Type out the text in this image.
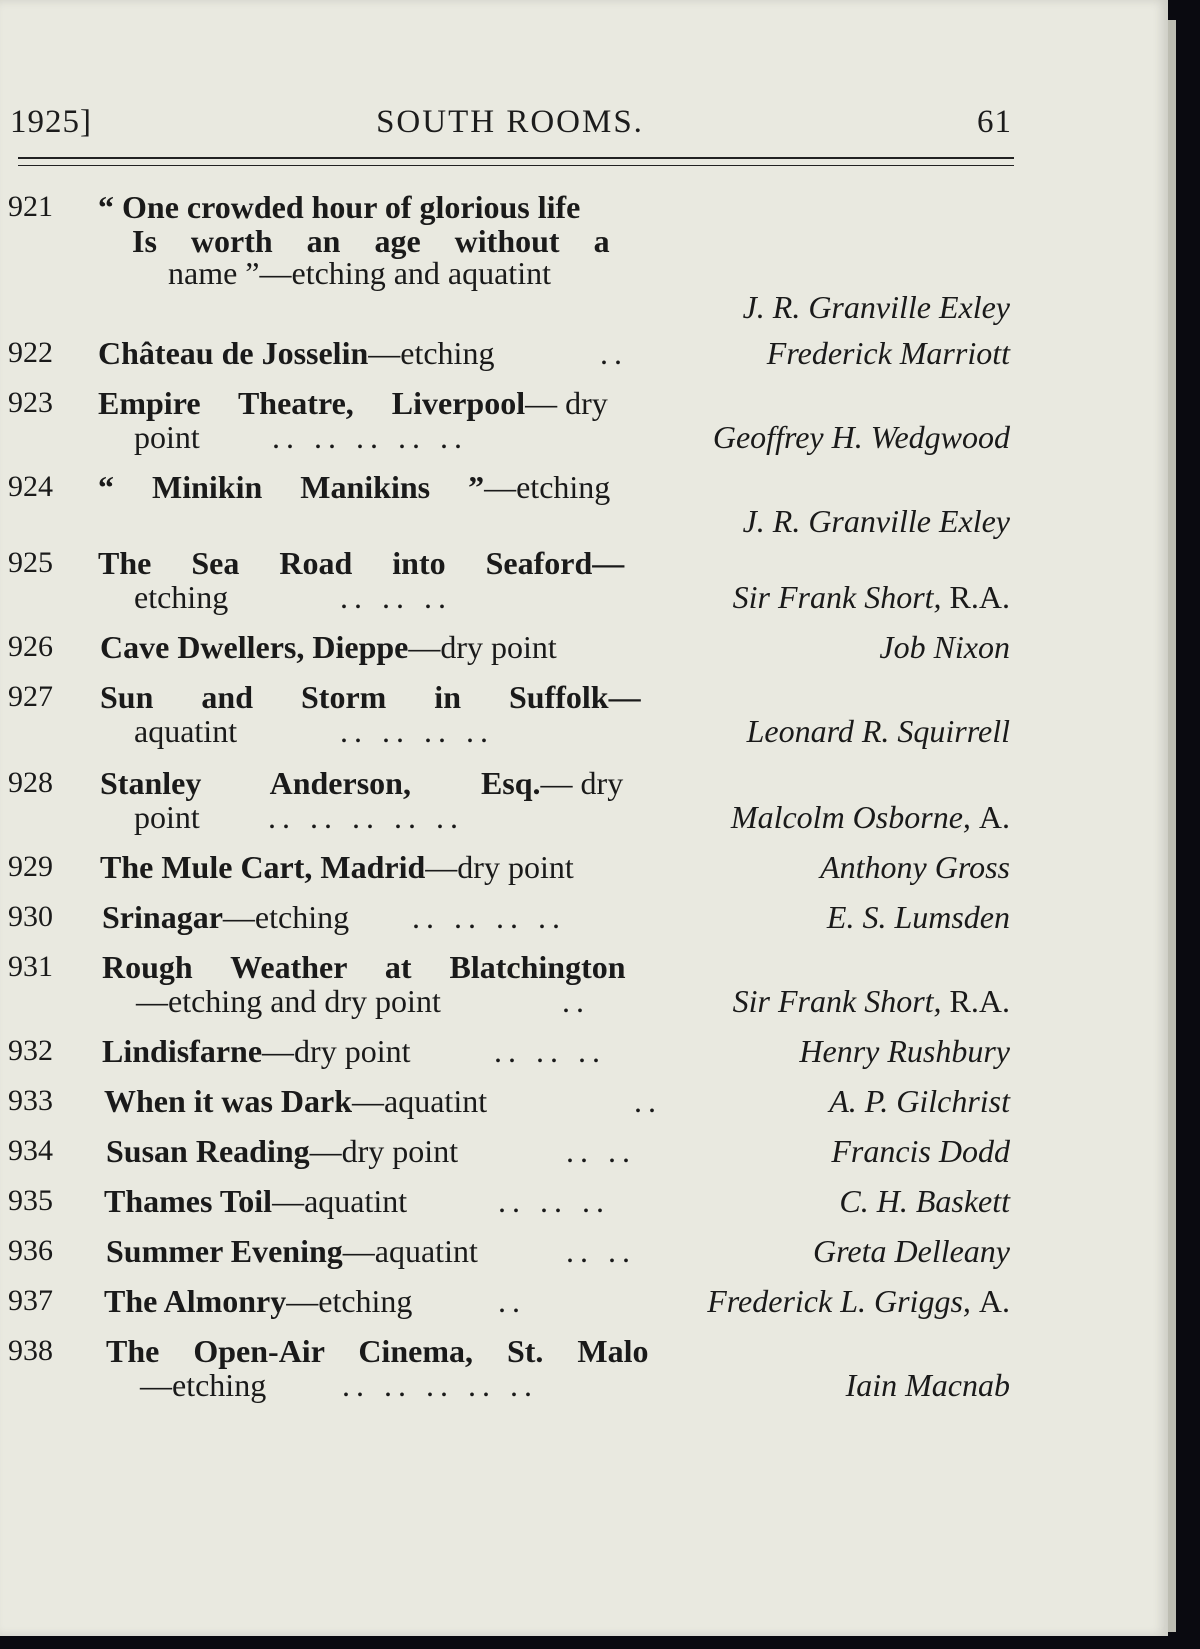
1925]	SOUTH ROOMS.	61
921 “ One crowded hour of glorious life
Is worth an age without a
name ”—etching and aquatint
J. R. Granville Exley
922 Château de Josselin—etching	..	Frederick Marriott
923 Empire Theatre, Liverpool— dry
point .. .. .. .. ..	Geoffrey H. Wedgwood
924 “ Minikin Manikins ”—etching
J. R. Granville Exley
925 The Sea Road into Seaford—
etching	.. .. ..	Sir Frank Short, R.A.
926 Cave Dwellers, Dieppe—dry point	Job Nixon
927 Sun and Storm in Suffolk—
aquatint	.. .. .. ..	Leonard R. Squirrell
928 Stanley Anderson, Esq.— dry
point .. .. .. .. ..	Malcolm Osborne, A.
929 The Mule Cart, Madrid—dry point	Anthony Gross
930 Srinagar—etching .. .. .. ..	E. S. Lumsden
931 Rough Weather at Blatchington
—etching and dry point	..	Sir Frank Short, R.A.
932 Lindisfarne—dry point	.. .. ..	Henry Rushbury
933 When it was Dark—aquatint	..	A. P. Gilchrist
934 Susan Reading—dry point	.. ..	Francis Dodd
935 Thames Toil—aquatint	.. .. ..	C. H. Baskett
936 Summer Evening—aquatint	.. ..	Greta Delleany
937 The Almonry—etching	..	Frederick L. Griggs, A.
938 The Open-Air Cinema, St. Malo
—etching .. .. .. .. ..	Iain Macnab
